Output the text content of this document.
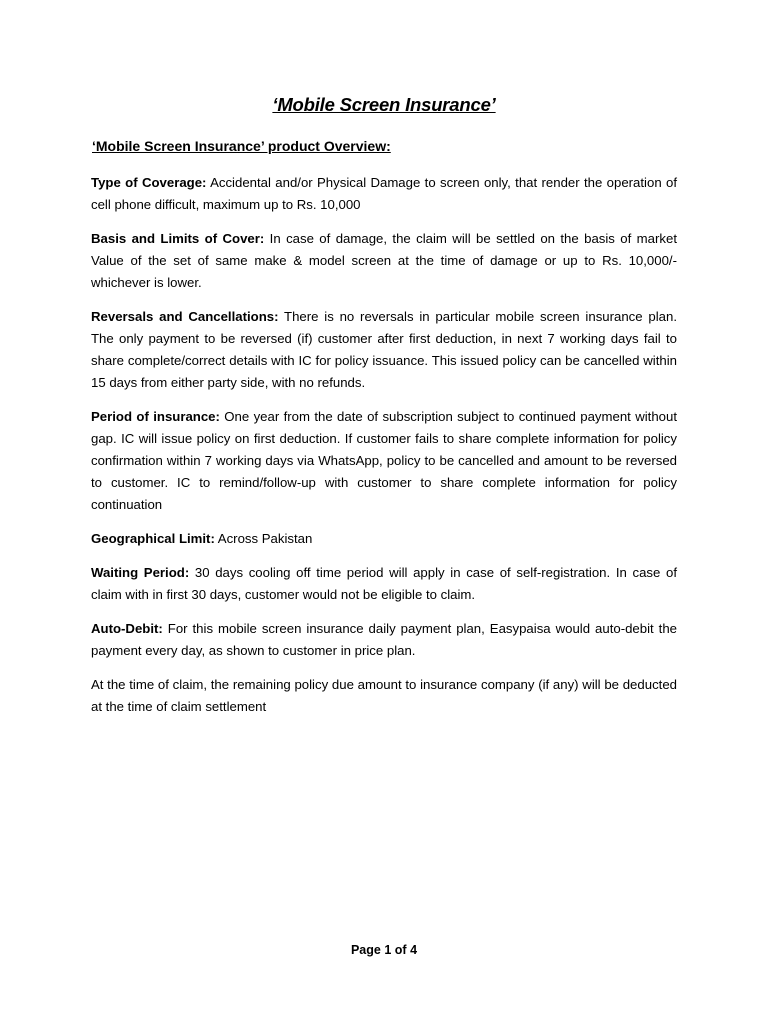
‘Mobile Screen Insurance’
‘Mobile Screen Insurance’ product Overview:

Type of Coverage: Accidental and/or Physical Damage to screen only, that render the operation of cell phone difficult, maximum up to Rs. 10,000

Basis and Limits of Cover: In case of damage, the claim will be settled on the basis of market Value of the set of same make & model screen at the time of damage or up to Rs. 10,000/- whichever is lower.

Reversals and Cancellations: There is no reversals in particular mobile screen insurance plan. The only payment to be reversed (if) customer after first deduction, in next 7 working days fail to share complete/correct details with IC for policy issuance. This issued policy can be cancelled within 15 days from either party side, with no refunds.

Period of insurance: One year from the date of subscription subject to continued payment without gap. IC will issue policy on first deduction. If customer fails to share complete information for policy confirmation within 7 working days via WhatsApp, policy to be cancelled and amount to be reversed to customer. IC to remind/follow-up with customer to share complete information for policy continuation

Geographical Limit: Across Pakistan

Waiting Period: 30 days cooling off time period will apply in case of self-registration. In case of claim with in first 30 days, customer would not be eligible to claim.

Auto-Debit: For this mobile screen insurance daily payment plan, Easypaisa would auto-debit the payment every day, as shown to customer in price plan.

At the time of claim, the remaining policy due amount to insurance company (if any) will be deducted at the time of claim settlement

Page 1 of 4
